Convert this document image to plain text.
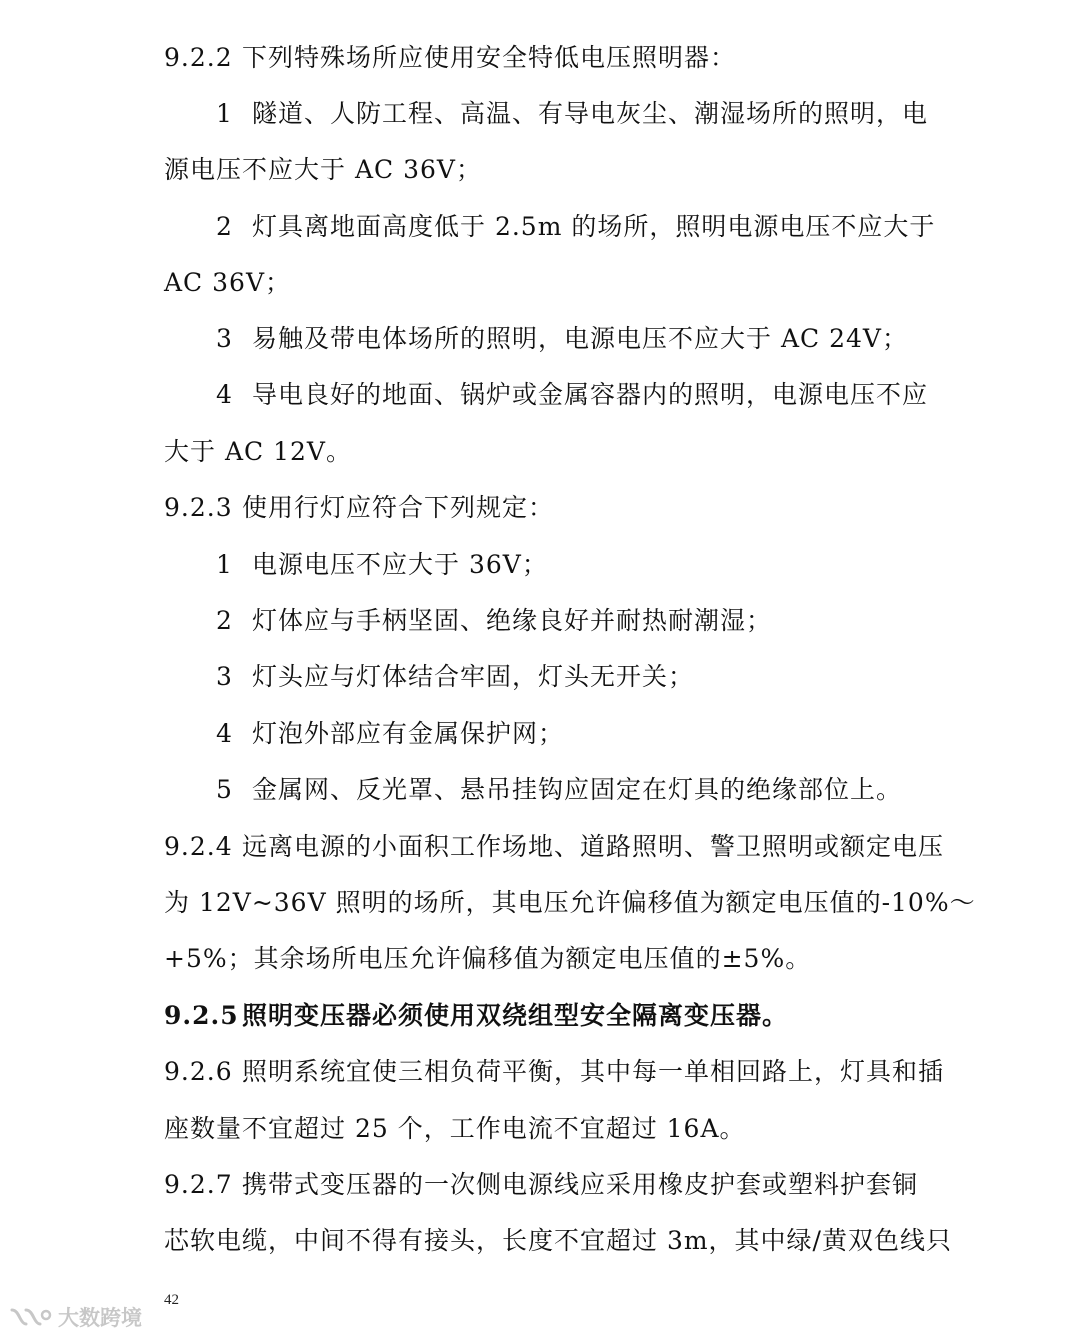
9.2.2 下列特殊场所应使用安全特低电压照明器：
1 隧道、人防工程、高温、有导电灰尘、潮湿场所的照明，电
源电压不应大于 AC 36V；
2 灯具离地面高度低于 2.5m 的场所，照明电源电压不应大于
AC 36V；
3 易触及带电体场所的照明，电源电压不应大于 AC 24V；
4 导电良好的地面、锅炉或金属容器内的照明，电源电压不应
大于 AC 12V。
9.2.3 使用行灯应符合下列规定：
1 电源电压不应大于 36V；
2 灯体应与手柄坚固、绝缘良好并耐热耐潮湿；
3 灯头应与灯体结合牢固，灯头无开关；
4 灯泡外部应有金属保护网；
5 金属网、反光罩、悬吊挂钩应固定在灯具的绝缘部位上。
9.2.4 远离电源的小面积工作场地、道路照明、警卫照明或额定电压
为 12V~36V 照明的场所，其电压允许偏移值为额定电压值的-10%～
+5%；其余场所电压允许偏移值为额定电压值的±5%。
9.2.5 照明变压器必须使用双绕组型安全隔离变压器。
9.2.6 照明系统宜使三相负荷平衡，其中每一单相回路上，灯具和插
座数量不宜超过 25 个，工作电流不宜超过 16A。
9.2.7 携带式变压器的一次侧电源线应采用橡皮护套或塑料护套铜
芯软电缆，中间不得有接头，长度不宜超过 3m，其中绿/黄双色线只
42
大数跨境
